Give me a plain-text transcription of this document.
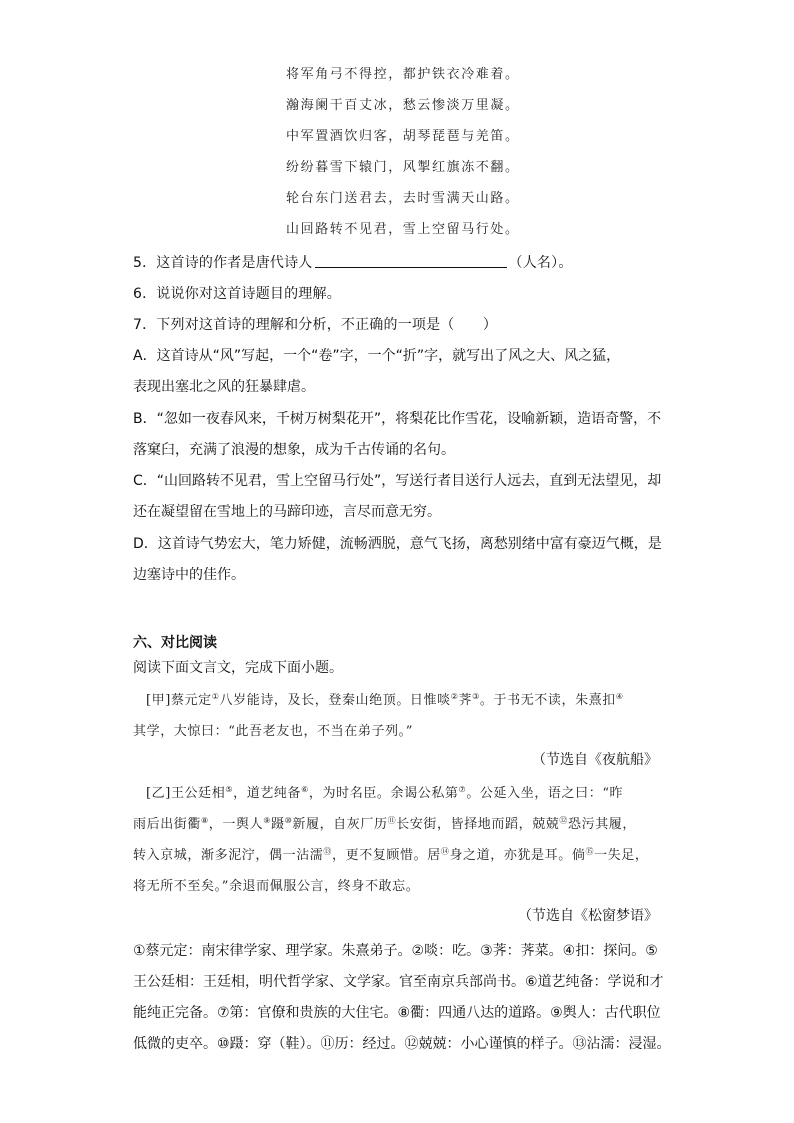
将军角弓不得控，都护铁衣冷难着。
瀚海阑干百丈冰，愁云惨淡万里凝。
中军置酒饮归客，胡琴琵琶与羌笛。
纷纷暮雪下辕门，风掣红旗冻不翻。
轮台东门送君去，去时雪满天山路。
山回路转不见君，雪上空留马行处。
5．这首诗的作者是唐代诗人	（人名）。
6．说说你对这首诗题目的理解。
7．下列对这首诗的理解和分析，不正确的一项是（　　）
A．这首诗从“风”写起，一个“卷”字，一个“折”字，就写出了风之大、风之猛，
表现出塞北之风的狂暴肆虐。
B．“忽如一夜春风来，千树万树梨花开”，将梨花比作雪花，设喻新颖，造语奇警，不
落窠臼，充满了浪漫的想象，成为千古传诵的名句。
C．“山回路转不见君，雪上空留马行处”，写送行者目送行人远去，直到无法望见，却
还在凝望留在雪地上的马蹄印迹，言尽而意无穷。
D．这首诗气势宏大，笔力矫健，流畅洒脱，意气飞扬，离愁别绪中富有豪迈气概，是
边塞诗中的佳作。
六、对比阅读
阅读下面文言文，完成下面小题。
[甲]蔡元定①八岁能诗，及长，登秦山绝顶。日惟啖②荠③。于书无不读，朱熹扣④
其学，大惊曰：“此吾老友也，不当在弟子列。”
（节选自《夜航船》
[乙]王公廷相⑤，道艺纯备⑥，为时名臣。余谒公私第⑦。公延入坐，语之曰：“昨
雨后出街衢⑧，一舆人⑨蹑⑩新履，自灰厂历⑪长安街，皆择地而蹈，兢兢⑫恐污其履，
转入京城，渐多泥泞，偶一沾濡⑬，更不复顾惜。居⑭身之道，亦犹是耳。倘⑮一失足，
将无所不至矣。”余退而佩服公言，终身不敢忘。
（节选自《松窗梦语》
①蔡元定：南宋律学家、理学家。朱熹弟子。②啖：吃。③荠：荠菜。④扣：探问。⑤
王公廷相：王廷相，明代哲学家、文学家。官至南京兵部尚书。⑥道艺纯备：学说和才
能纯正完备。⑦第：官僚和贵族的大住宅。⑧衢：四通八达的道路。⑨舆人：古代职位
低微的吏卒。⑩蹑：穿（鞋）。⑪历：经过。⑫兢兢：小心谨慎的样子。⑬沾濡：浸湿。
